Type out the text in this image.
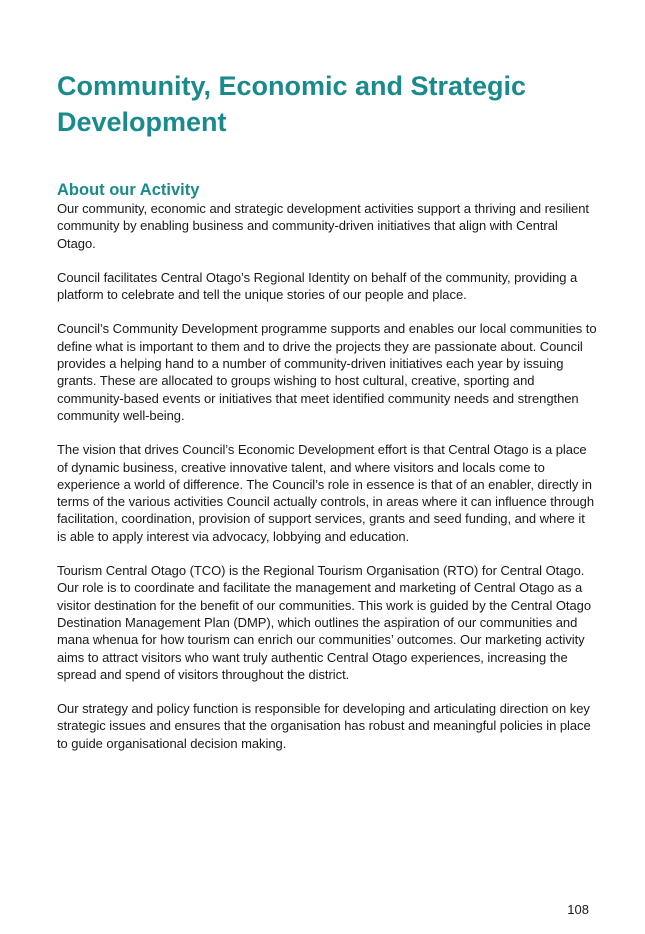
Community, Economic and Strategic Development
About our Activity

Our community, economic and strategic development activities support a thriving and resilient community by enabling business and community-driven initiatives that align with Central Otago.

Council facilitates Central Otago’s Regional Identity on behalf of the community, providing a platform to celebrate and tell the unique stories of our people and place.

Council’s Community Development programme supports and enables our local communities to define what is important to them and to drive the projects they are passionate about. Council provides a helping hand to a number of community-driven initiatives each year by issuing grants. These are allocated to groups wishing to host cultural, creative, sporting and community-based events or initiatives that meet identified community needs and strengthen community well-being.

The vision that drives Council’s Economic Development effort is that Central Otago is a place of dynamic business, creative innovative talent, and where visitors and locals come to experience a world of difference. The Council’s role in essence is that of an enabler, directly in terms of the various activities Council actually controls, in areas where it can influence through facilitation, coordination, provision of support services, grants and seed funding, and where it is able to apply interest via advocacy, lobbying and education.

Tourism Central Otago (TCO) is the Regional Tourism Organisation (RTO) for Central Otago. Our role is to coordinate and facilitate the management and marketing of Central Otago as a visitor destination for the benefit of our communities. This work is guided by the Central Otago Destination Management Plan (DMP), which outlines the aspiration of our communities and mana whenua for how tourism can enrich our communities’ outcomes. Our marketing activity aims to attract visitors who want truly authentic Central Otago experiences, increasing the spread and spend of visitors throughout the district.

Our strategy and policy function is responsible for developing and articulating direction on key strategic issues and ensures that the organisation has robust and meaningful policies in place to guide organisational decision making.

108
